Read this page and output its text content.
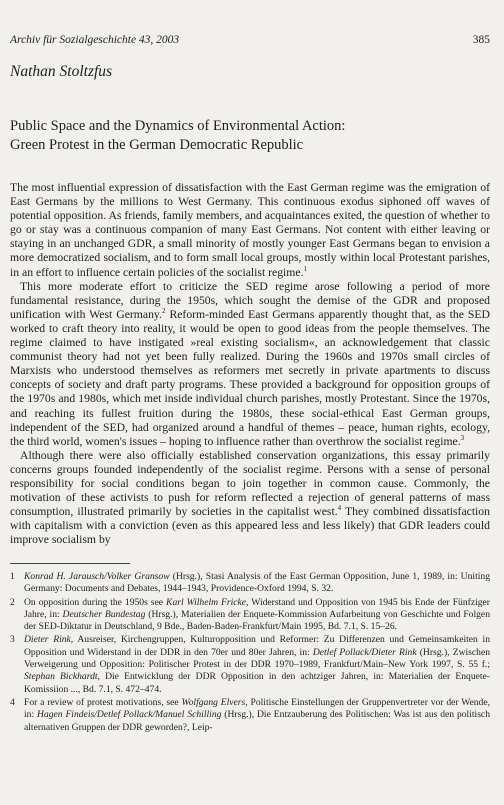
Archiv für Sozialgeschichte 43, 2003	385
Nathan Stoltzfus
Public Space and the Dynamics of Environmental Action:
Green Protest in the German Democratic Republic

The most influential expression of dissatisfaction with the East German regime was the emigration of East Germans by the millions to West Germany. This continuous exodus siphoned off waves of potential opposition. As friends, family members, and acquaintances exited, the question of whether to go or stay was a continuous companion of many East Germans. Not content with either leaving or staying in an unchanged GDR, a small minority of mostly younger East Germans began to envision a more democratized socialism, and to form small local groups, mostly within local Protestant parishes, in an effort to influence certain policies of the socialist regime.$^1$

This more moderate effort to criticize the SED regime arose following a period of more fundamental resistance, during the 1950s, which sought the demise of the GDR and proposed unification with West Germany.$^2$ Reform-minded East Germans apparently thought that, as the SED worked to craft theory into reality, it would be open to good ideas from the people themselves. The regime claimed to have instigated »real existing socialism«, an acknowledgement that classic communist theory had not yet been fully realized. During the 1960s and 1970s small circles of Marxists who understood themselves as reformers met secretly in private apartments to discuss concepts of society and draft party programs. These provided a background for opposition groups of the 1970s and 1980s, which met inside individual church parishes, mostly Protestant. Since the 1970s, and reaching its fullest fruition during the 1980s, these social-ethical East German groups, independent of the SED, had organized around a handful of themes – peace, human rights, ecology, the third world, women's issues – hoping to influence rather than overthrow the socialist regime.$^3$

Although there were also officially established conservation organizations, this essay primarily concerns groups founded independently of the socialist regime. Persons with a sense of personal responsibility for social conditions began to join together in common cause. Commonly, the motivation of these activists to push for reform reflected a rejection of general patterns of mass consumption, illustrated primarily by societies in the capitalist west.$^4$ They combined dissatisfaction with capitalism with a conviction (even as this appeared less and less likely) that GDR leaders could improve socialism by

1 Konrad H. Jarausch/Volker Gransow (Hrsg.), Stasi Analysis of the East German Opposition, June 1, 1989, in: Uniting Germany: Documents and Debates, 1944–1943, Providence-Oxford 1994, S. 32.
2 On opposition during the 1950s see Karl Wilhelm Fricke, Widerstand und Opposition von 1945 bis Ende der Fünfziger Jahre, in: Deutscher Bundestag (Hrsg.), Materialien der Enquete-Kommission Aufarbeitung von Geschichte und Folgen der SED-Diktatur in Deutschland, 9 Bde., Baden-Baden-Frankfurt/Main 1995, Bd. 7.1, S. 15–26.
3 Dieter Rink, Ausreiser, Kirchengruppen, Kulturopposition und Reformer: Zu Differenzen und Gemeinsamkeiten in Opposition und Widerstand in der DDR in den 70er und 80er Jahren, in: Detlef Pollack/Dieter Rink (Hrsg.), Zwischen Verweigerung und Opposition: Politischer Protest in der DDR 1970–1989, Frankfurt/Main–New York 1997, S. 55 f.; Stephan Bickhardt, Die Entwicklung der DDR Opposition in den achtziger Jahren, in: Materialien der Enquete-Komissiion ..., Bd. 7.1, S. 472–474.
4 For a review of protest motivations, see Wolfgang Elvers, Politische Einstellungen der Gruppenvertreter vor der Wende, in: Hagen Findeis/Detlef Pollack/Manuel Schilling (Hrsg.), Die Entzauberung des Politischen: Was ist aus den politisch alternativen Gruppen der DDR geworden?, Leip-
